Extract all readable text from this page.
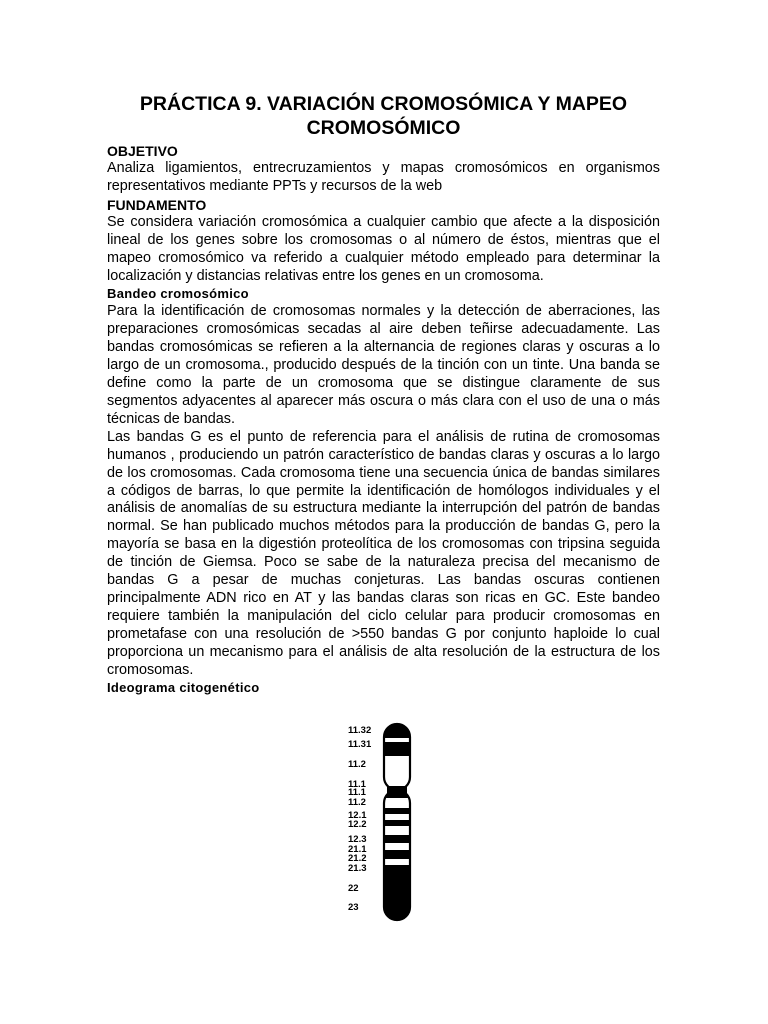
PRÁCTICA 9. VARIACIÓN CROMOSÓMICA Y MAPEO

CROMOSÓMICO

OBJETIVO

Analiza ligamientos, entrecruzamientos y mapas cromosómicos en organismos representativos mediante PPTs y recursos de la web

FUNDAMENTO

Se considera variación cromosómica a cualquier cambio que afecte a la disposición lineal de los genes sobre los cromosomas o al número de éstos, mientras que el mapeo cromosómico va referido a cualquier método empleado para determinar la localización y distancias relativas entre los genes en un cromosoma.

Bandeo cromosómico

Para la identificación de cromosomas normales y la detección de aberraciones, las preparaciones cromosómicas secadas al aire deben teñirse adecuadamente. Las bandas cromosómicas se refieren a la alternancia de regiones claras y oscuras a lo largo de un cromosoma., producido después de la tinción con un tinte. Una banda se define como la parte de un cromosoma que se distingue claramente de sus segmentos adyacentes al aparecer más oscura o más clara con el uso de una o más técnicas de bandas.

Las bandas G es el punto de referencia para el análisis de rutina de cromosomas humanos , produciendo un patrón característico de bandas claras y oscuras a lo largo de los cromosomas. Cada cromosoma tiene una secuencia única de bandas similares a códigos de barras, lo que permite la identificación de homólogos individuales y el análisis de anomalías de su estructura mediante la interrupción del patrón de bandas normal. Se han publicado muchos métodos para la producción de bandas G, pero la mayoría se basa en la digestión proteolítica de los cromosomas con tripsina seguida de tinción de Giemsa. Poco se sabe de la naturaleza precisa del mecanismo de bandas G a pesar de muchas conjeturas. Las bandas oscuras contienen principalmente ADN rico en AT y las bandas claras son ricas en GC. Este bandeo requiere también la manipulación del ciclo celular para producir cromosomas en prometafase con una resolución de >550 bandas G por conjunto haploide lo cual proporciona un mecanismo para el análisis de alta resolución de la estructura de los cromosomas.

Ideograma citogenético

11.32
11.31
11.2
11.1
11.1
11.2
12.1
12.2
12.3
21.1
21.2
21.3
22
23
